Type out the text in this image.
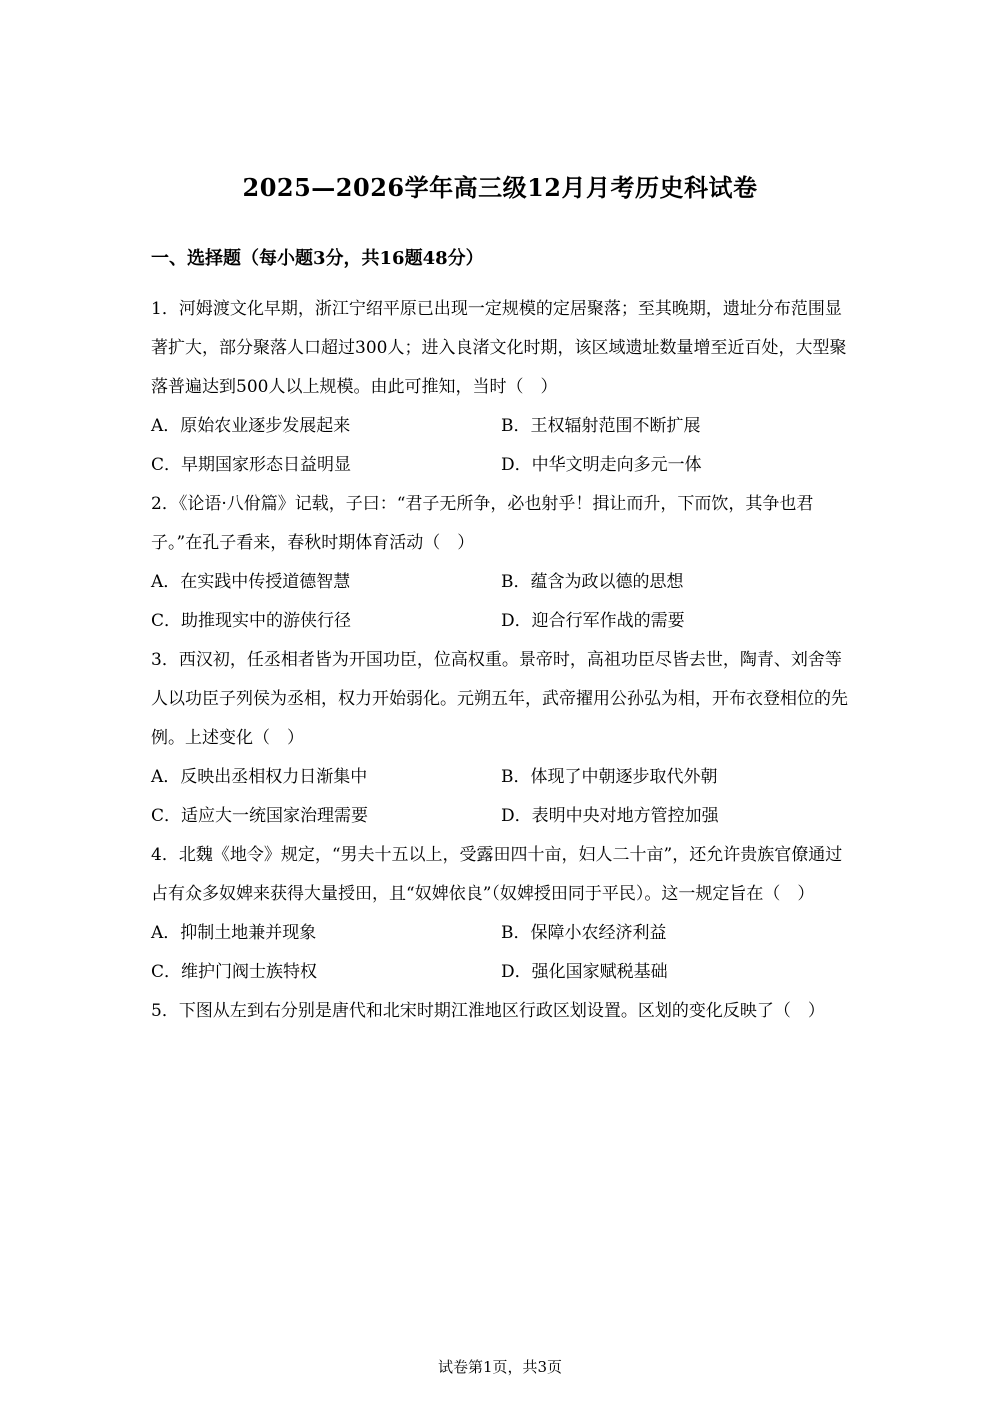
2025—2026学年高三级12月月考历史科试卷
一、选择题（每小题3分，共16题48分）

1．河姆渡文化早期，浙江宁绍平原已出现一定规模的定居聚落；至其晚期，遗址分布范围显著扩大，部分聚落人口超过300人；进入良渚文化时期，该区域遗址数量增至近百处，大型聚落普遍达到500人以上规模。由此可推知，当时（　）

A．原始农业逐步发展起来	B．王权辐射范围不断扩展
C．早期国家形态日益明显	D．中华文明走向多元一体

2．《论语·八佾篇》记载，子曰：“君子无所争，必也射乎！揖让而升，下而饮，其争也君子。”在孔子看来，春秋时期体育活动（　）

A．在实践中传授道德智慧	B．蕴含为政以德的思想
C．助推现实中的游侠行径	D．迎合行军作战的需要

3．西汉初，任丞相者皆为开国功臣，位高权重。景帝时，高祖功臣尽皆去世，陶青、刘舍等人以功臣子列侯为丞相，权力开始弱化。元朔五年，武帝擢用公孙弘为相，开布衣登相位的先例。上述变化（　）

A．反映出丞相权力日渐集中	B．体现了中朝逐步取代外朝
C．适应大一统国家治理需要	D．表明中央对地方管控加强

4．北魏《地令》规定，“男夫十五以上，受露田四十亩，妇人二十亩”，还允许贵族官僚通过占有众多奴婢来获得大量授田，且“奴婢依良”（奴婢授田同于平民）。这一规定旨在（　）

A．抑制土地兼并现象	B．保障小农经济利益
C．维护门阀士族特权	D．强化国家赋税基础

5．下图从左到右分别是唐代和北宋时期江淮地区行政区划设置。区划的变化反映了（　）

试卷第1页，共3页
